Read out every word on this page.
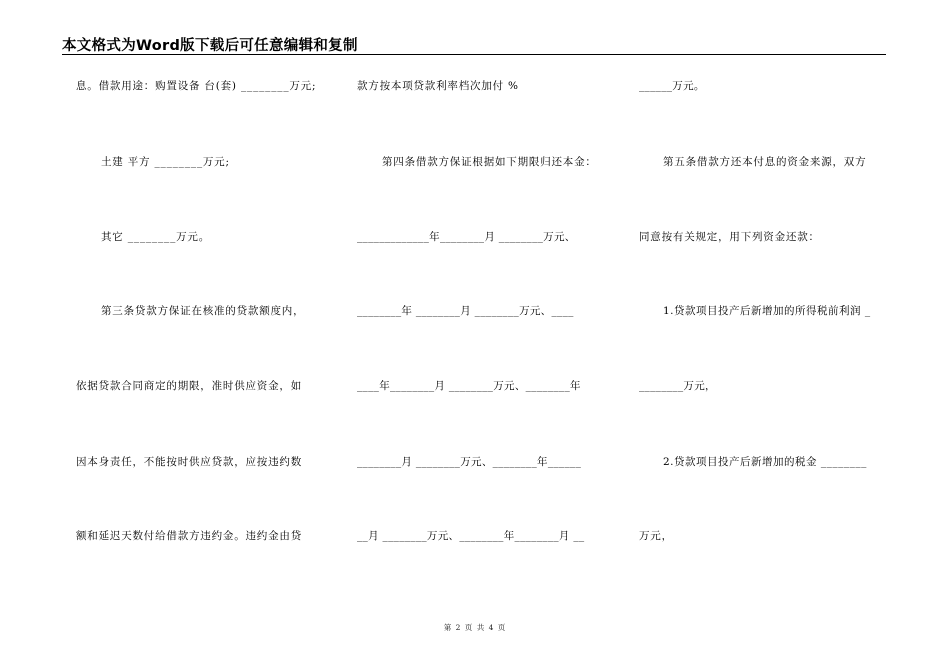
本文格式为Word版下载后可任意编辑和复制
息。借款用途：购置设备 台(套) ________万元;
土建 平方 ________万元;
其它 ________万元。
第三条贷款方保证在核准的贷款额度内，
依据贷款合同商定的期限，准时供应资金，如
因本身责任，不能按时供应贷款，应按违约数
额和延迟天数付给借款方违约金。违约金由贷
款方按本项贷款利率档次加付 %
第四条借款方保证根据如下期限归还本金：
_____________年________月 ________万元、
________年 ________月 ________万元、____
____年________月 ________万元、________年
________月 ________万元、________年______
__月 ________万元、________年________月 __
______万元。
第五条借款方还本付息的资金来源，双方
同意按有关规定，用下列资金还款：
1.贷款项目投产后新增加的所得税前利润 _
________万元，
2.贷款项目投产后新增加的税金 ________
万元，
第 2 页 共 4 页
